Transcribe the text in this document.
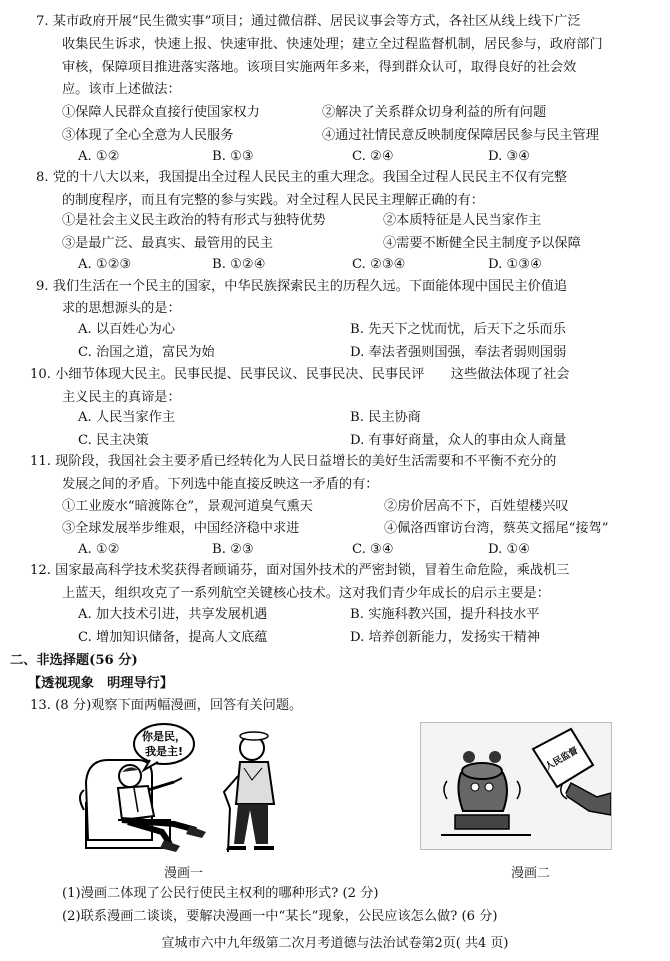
7. 某市政府开展“民生微实事”项目；通过微信群、居民议事会等方式，各社区从线上线下广泛
收集民生诉求，快速上报、快速审批、快速处理；建立全过程监督机制，居民参与，政府部门
审核，保障项目推进落实落地。该项目实施两年多来，得到群众认可，取得良好的社会效
应。该市上述做法：
①保障人民群众直接行使国家权力	②解决了关系群众切身利益的所有问题
③体现了全心全意为人民服务	④通过社情民意反映制度保障居民参与民主管理
A. ①②	B. ①③	C. ②④	D. ③④
8. 党的十八大以来，我国提出全过程人民民主的重大理念。我国全过程人民民主不仅有完整
的制度程序，而且有完整的参与实践。对全过程人民民主理解正确的有：
①是社会主义民主政治的特有形式与独特优势	②本质特征是人民当家作主
③是最广泛、最真实、最管用的民主	④需要不断健全民主制度予以保障
A. ①②③	B. ①②④	C. ②③④	D. ①③④
9. 我们生活在一个民主的国家，中华民族探索民主的历程久远。下面能体现中国民主价值追
求的思想源头的是：
A. 以百姓心为心	B. 先天下之忧而忧，后天下之乐而乐
C. 治国之道，富民为始	D. 奉法者强则国强，奉法者弱则国弱
10. 小细节体现大民主。民事民提、民事民议、民事民决、民事民评　　这些做法体现了社会
主义民主的真谛是：
A. 人民当家作主	B. 民主协商
C. 民主决策	D. 有事好商量，众人的事由众人商量
11. 现阶段，我国社会主要矛盾已经转化为人民日益增长的美好生活需要和不平衡不充分的
发展之间的矛盾。下列选中能直接反映这一矛盾的有：
①工业废水“暗渡陈仓”，景观河道臭气熏天	②房价居高不下，百姓望楼兴叹
③全球发展举步维艰，中国经济稳中求进	④佩洛西窜访台湾，蔡英文摇尾“接驾”
A. ①②	B. ②③	C. ③④	D. ①④
12. 国家最高科学技术奖获得者顾诵芬，面对国外技术的严密封锁，冒着生命危险，乘战机三
上蓝天，组织攻克了一系列航空关键核心技术。这对我们青少年成长的启示主要是：
A. 加大技术引进，共享发展机遇	B. 实施科教兴国，提升科技水平
C. 增加知识储备，提高人文底蕴	D. 培养创新能力，发扬实干精神
二、非选择题(56 分)
【透视现象　明理导行】
13. (8 分)观察下面两幅漫画，回答有关问题。
你是民，
我是主!
漫画一
人民监督
漫画二
(1)漫画二体现了公民行使民主权利的哪种形式? (2 分)
(2)联系漫画二谈谈，要解决漫画一中“某长”现象，公民应该怎么做? (6 分)
宣城市六中九年级第二次月考道德与法治试卷第2页( 共4 页)
